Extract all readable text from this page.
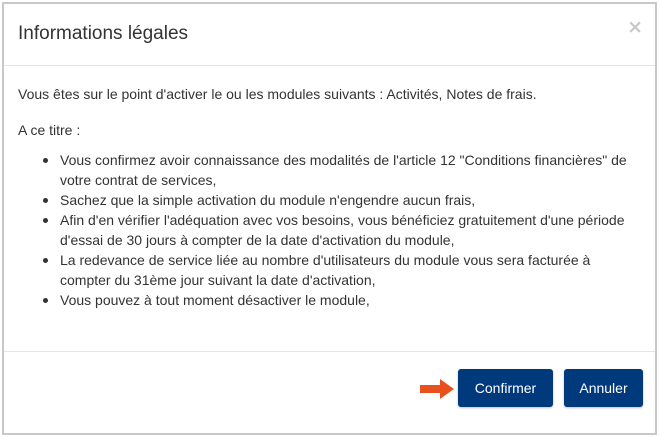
Informations légales	×

Vous êtes sur le point d'activer le ou les modules suivants : Activités, Notes de frais.

A ce titre :

Vous confirmez avoir connaissance des modalités de l'article 12 "Conditions financières" de votre contrat de services,
Sachez que la simple activation du module n'engendre aucun frais,
Afin d'en vérifier l'adéquation avec vos besoins, vous bénéficiez gratuitement d'une période d'essai de 30 jours à compter de la date d'activation du module,
La redevance de service liée au nombre d'utilisateurs du module vous sera facturée à compter du 31ème jour suivant la date d'activation,
Vous pouvez à tout moment désactiver le module,
Confirmer	Annuler
